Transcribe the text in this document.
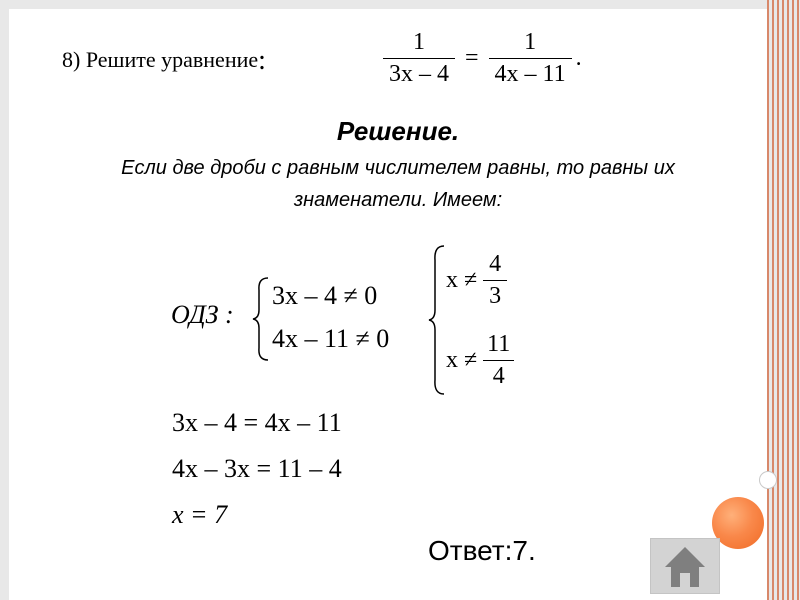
8) Решите уравнение:	$\frac{1}{3x - 4} = \frac{1}{4x - 11}$ .
Решение.
Если две дроби с равным числителем равны, то равны их
знаменатели. Имеем:
ОДЗ :
3x – 4 ≠ 0
4x – 11 ≠ 0
$x \ne \frac{4}{3}$
$x \ne \frac{11}{4}$
3x – 4 = 4x – 11
4x – 3x = 11 – 4
x = 7
Ответ:7.
